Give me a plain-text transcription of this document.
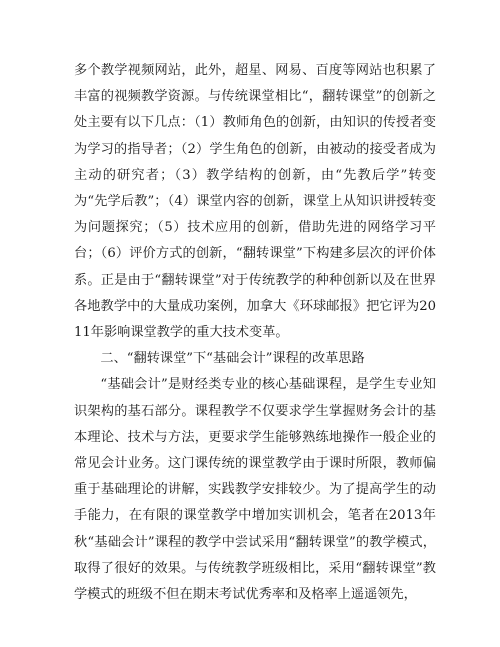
多个教学视频网站，此外，超星、网易、百度等网站也积累了丰富的视频教学资源。与传统课堂相比“，翻转课堂”的创新之处主要有以下几点：（1）教师角色的创新，由知识的传授者变为学习的指导者；（2）学生角色的创新，由被动的接受者成为主动的研究者；（3）教学结构的创新，由“先教后学”转变为“先学后教”；（4）课堂内容的创新，课堂上从知识讲授转变为问题探究；（5）技术应用的创新，借助先进的网络学习平台；（6）评价方式的创新，“翻转课堂”下构建多层次的评价体系。正是由于“翻转课堂”对于传统教学的种种创新以及在世界各地教学中的大量成功案例，加拿大《环球邮报》把它评为2011年影响课堂教学的重大技术变革。

二、“翻转课堂”下“基础会计”课程的改革思路

“基础会计”是财经类专业的核心基础课程，是学生专业知识架构的基石部分。课程教学不仅要求学生掌握财务会计的基本理论、技术与方法，更要求学生能够熟练地操作一般企业的常见会计业务。这门课传统的课堂教学由于课时所限，教师偏重于基础理论的讲解，实践教学安排较少。为了提高学生的动手能力，在有限的课堂教学中增加实训机会，笔者在2013年秋“基础会计”课程的教学中尝试采用“翻转课堂”的教学模式，取得了很好的效果。与传统教学班级相比，采用“翻转课堂”教学模式的班级不但在期末考试优秀率和及格率上遥遥领先，
